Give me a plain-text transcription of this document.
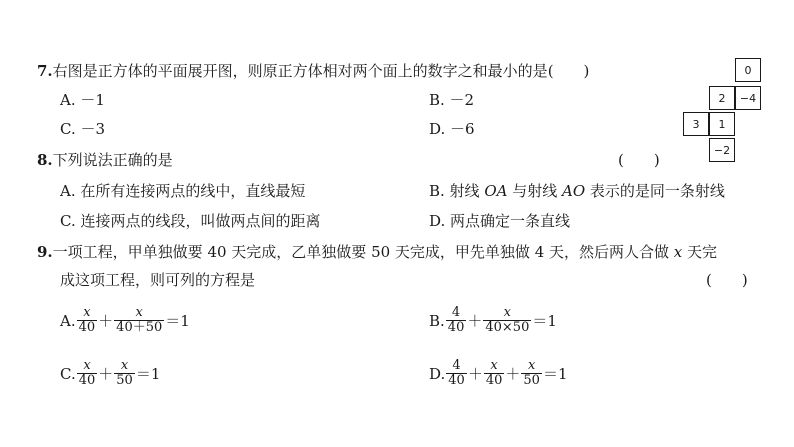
7.右图是正方体的平面展开图，则原正方体相对两个面上的数字之和最小的是(　　)
A. －1	B. －2
C. －3	D. －6
0
2	−4
3	1
−2
8.下列说法正确的是	(　　)
A. 在所有连接两点的线中，直线最短	B. 射线 OA 与射线 AO 表示的是同一条射线
C. 连接两点的线段，叫做两点间的距离	D. 两点确定一条直线
9.一项工程，甲单独做要 40 天完成，乙单独做要 50 天完成，甲先单独做 4 天，然后两人合做 x 天完
成这项工程，则可列的方程是	(　　)
A. $\frac{x}{40} + \frac{x}{40+50} =1$	B. $\frac{4}{40} + \frac{x}{40\times 50} =1$
C. $\frac{x}{40} + \frac{x}{50} =1$	D. $\frac{4}{40} + \frac{x}{40} + \frac{x}{50} =1$
